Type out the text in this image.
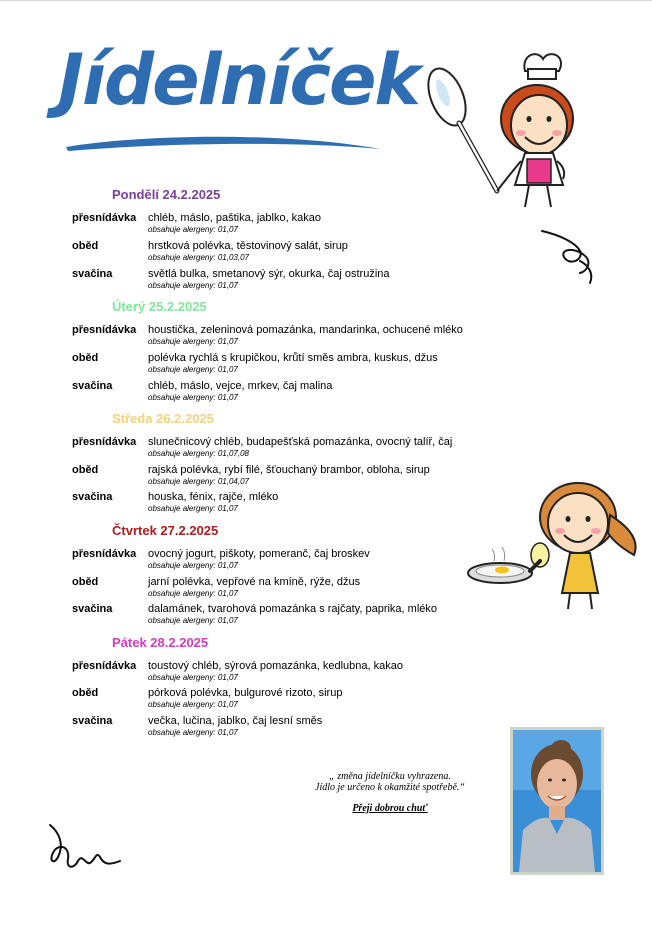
Jídelníček
Pondělí 24.2.2025
přesnídávka chléb, máslo, paštika, jablko, kakao
obsahuje alergeny: 01,07
oběd	hrstková polévka, těstovinový salát, sirup
obsahuje alergeny: 01,03,07
svačina	světlá bulka, smetanový sýr, okurka, čaj ostružina
obsahuje alergeny: 01,07
Úterý 25.2.2025
přesnídávka houstička, zeleninová pomazánka, mandarinka, ochucené mléko
obsahuje alergeny: 01,07
oběd	polévka rychlá s krupičkou, krůtí směs ambra, kuskus, džus
obsahuje alergeny: 01,07
svačina	chléb, máslo, vejce, mrkev, čaj malina
obsahuje alergeny: 01,07
Středa 26.2.2025
přesnídávka slunečnicový chléb, budapešťská pomazánka, ovocný talíř, čaj
obsahuje alergeny: 01,07,08
oběd	rajská polévka, rybí filé, šťouchaný brambor, obloha, sirup
obsahuje alergeny: 01,04,07
svačina	houska, fénix, rajče, mléko
obsahuje alergeny: 01,07
Čtvrtek 27.2.2025
přesnídávka ovocný jogurt, piškoty, pomeranč, čaj broskev
obsahuje alergeny: 01,07
oběd	jarní polévka, vepřové na kmíně, rýže, džus
obsahuje alergeny: 01,07
svačina	dalamánek, tvarohová pomazánka s rajčaty, paprika, mléko
obsahuje alergeny: 01,07
Pátek 28.2.2025
přesnídávka toustový chléb, sýrová pomazánka, kedlubna, kakao
obsahuje alergeny: 01,07
oběd	pórková polévka, bulgurové rizoto, sirup
obsahuje alergeny: 01,07
svačina	večka, lučina, jablko, čaj lesní směs
obsahuje alergeny: 01,07
„ změna jídelníčku vyhrazena.
Jídlo je určeno k okamžité spotřebě.“
Přeji dobrou chuť
